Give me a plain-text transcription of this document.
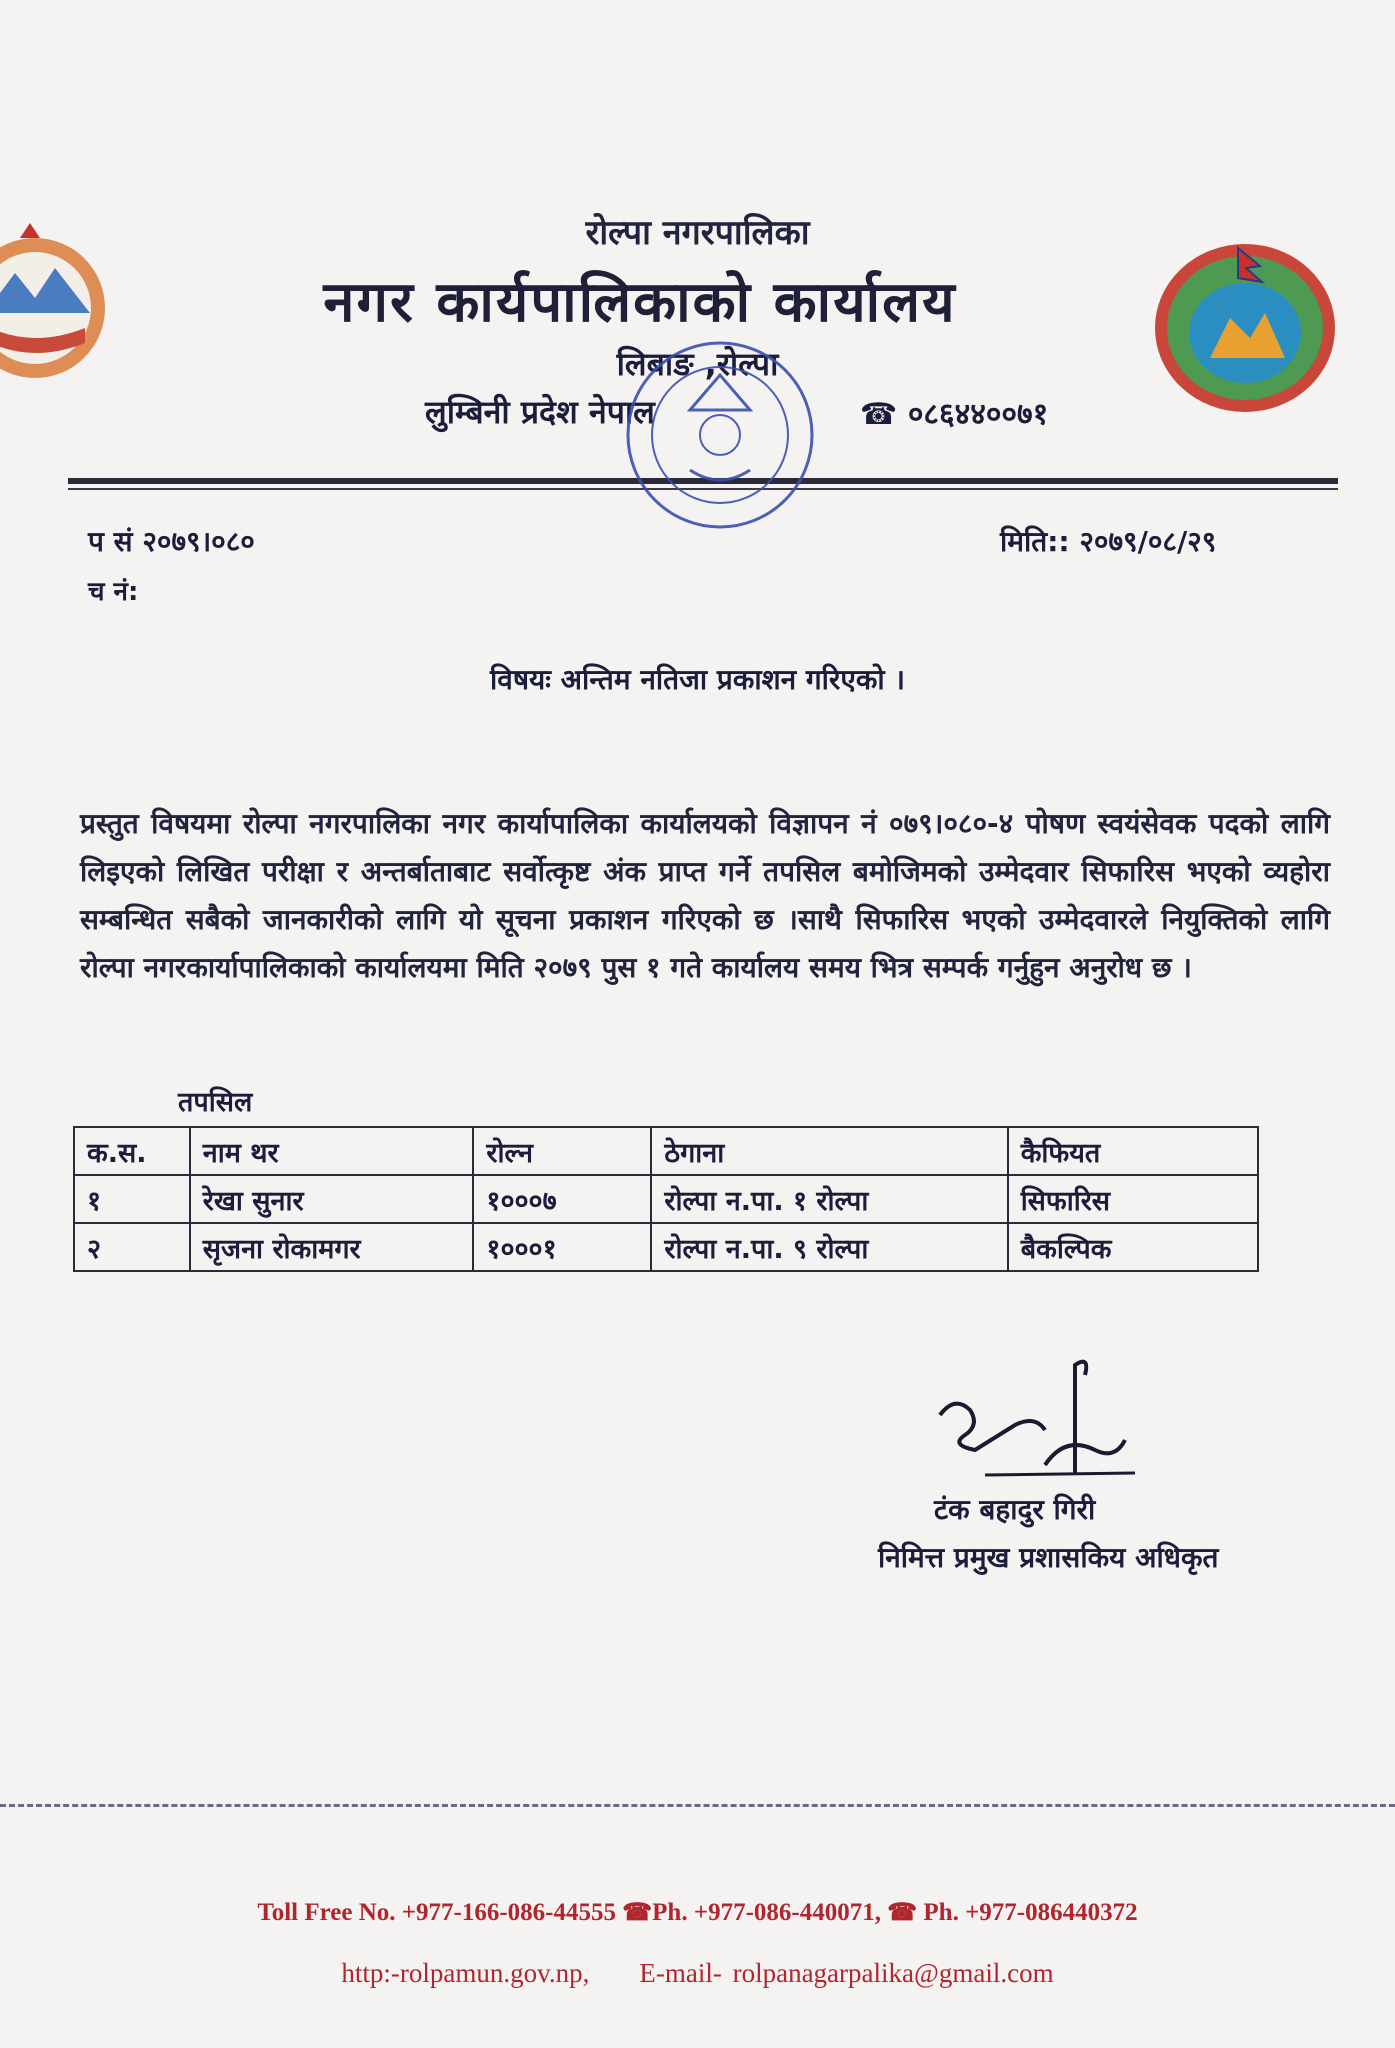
रोल्पा नगरपालिका
नगर कार्यपालिकाको कार्यालय
लिबाङ ,रोल्पा
लुम्बिनी प्रदेश नेपाल	☎ ०८६४४००७१
प सं २०७९।०८०
च नं:
मिति:: २०७९/०८/२९
विषयः अन्तिम नतिजा प्रकाशन गरिएको ।
प्रस्तुत विषयमा रोल्पा नगरपालिका नगर कार्यापालिका कार्यालयको विज्ञापन नं ०७९।०८०-४ पोषण स्वयंसेवक पदको लागि लिइएको लिखित परीक्षा र अन्तर्बाताबाट सर्वोत्कृष्ट अंक प्राप्त गर्ने तपसिल बमोजिमको उम्मेदवार सिफारिस भएको व्यहोरा सम्बन्धित सबैको जानकारीको लागि यो सूचना प्रकाशन गरिएको छ ।साथै सिफारिस भएको उम्मेदवारले नियुक्तिको लागि रोल्पा नगरकार्यापालिकाको कार्यालयमा मिति २०७९ पुस १ गते कार्यालय समय भित्र सम्पर्क गर्नुहुन अनुरोध छ ।
तपसिल
क.स.	नाम थर	रोल्न	ठेगाना	कैफियत
१	रेखा सुनार	१०००७	रोल्पा न.पा. १ रोल्पा	सिफारिस
२	सृजना रोकामगर	१०००१	रोल्पा न.पा. ९ रोल्पा	बैकल्पिक
टंक बहादुर गिरी
निमित्त प्रमुख प्रशासकिय अधिकृत
Toll Free No. +977-166-086-44555 ☎Ph. +977-086-440071, ☎ Ph. +977-086440372
http:-rolpamun.gov.np, E-mail- rolpanagarpalika@gmail.com
